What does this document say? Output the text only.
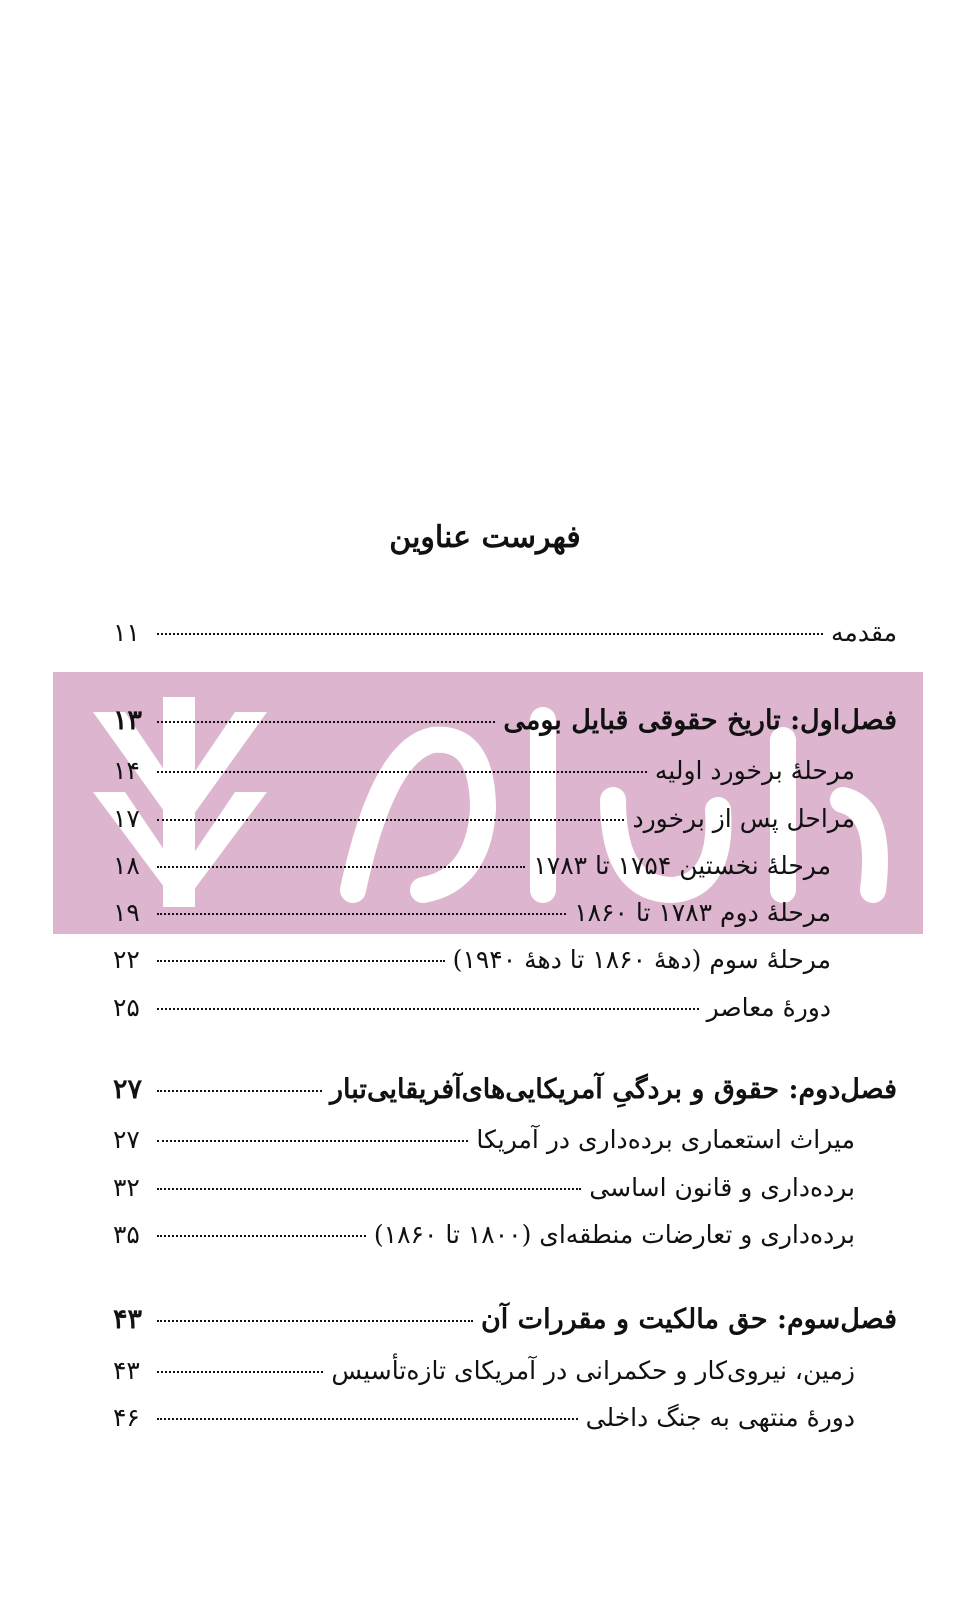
فهرست عناوین
مقدمه
۱۱
فصل‌اول: تاریخ حقوقی قبایل بومی
۱۳
مرحلهٔ برخورد اولیه
۱۴
مراحل پس از برخورد
۱۷
مرحلهٔ نخستین ۱۷۵۴ تا ۱۷۸۳
۱۸
مرحلهٔ دوم ۱۷۸۳ تا ۱۸۶۰
۱۹
مرحلهٔ سوم (دههٔ ۱۸۶۰ تا دههٔ ۱۹۴۰)
۲۲
دورهٔ معاصر
۲۵
فصل‌دوم: حقوق و بردگیِ آمریکایی‌های‌آفریقایی‌تبار
۲۷
میراث استعماری برده‌داری در آمریکا
۲۷
برده‌داری و قانون اساسی
۳۲
برده‌داری و تعارضات منطقه‌ای (۱۸۰۰ تا ۱۸۶۰)
۳۵
فصل‌سوم: حق مالکیت و مقررات آن
۴۳
زمین، نیروی‌کار و حکمرانی در آمریکای تازه‌تأسیس
۴۳
دورهٔ منتهی به جنگ داخلی
۴۶
